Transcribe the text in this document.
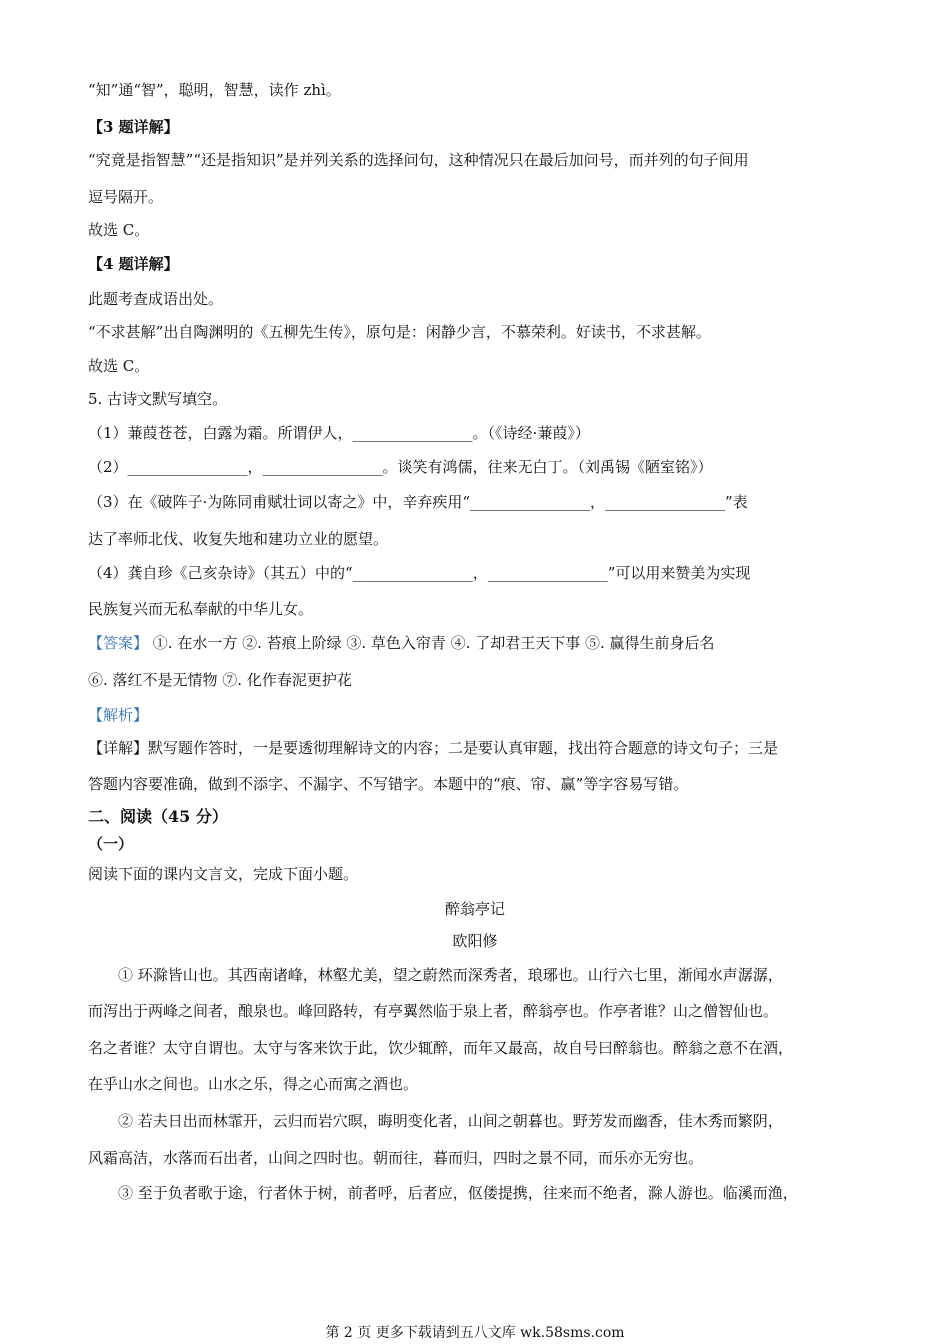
“知”通“智”，聪明，智慧，读作 zhì。
【3 题详解】
“究竟是指智慧”“还是指知识”是并列关系的选择问句，这种情况只在最后加问号，而并列的句子间用
逗号隔开。
故选 C。
【4 题详解】
此题考查成语出处。
“不求甚解”出自陶渊明的《五柳先生传》，原句是：闲静少言，不慕荣利。好读书，不求甚解。
故选 C。
5. 古诗文默写填空。
（1）蒹葭苍苍，白露为霜。所谓伊人，________________。（《诗经·蒹葭》）
（2）________________，________________。谈笑有鸿儒，往来无白丁。（刘禹锡《陋室铭》）
（3）在《破阵子·为陈同甫赋壮词以寄之》中，辛弃疾用“________________，________________”表
达了率师北伐、收复失地和建功立业的愿望。
（4）龚自珍《己亥杂诗》（其五）中的“________________，________________”可以用来赞美为实现
民族复兴而无私奉献的中华儿女。
【答案】 ①. 在水一方 ②. 苔痕上阶绿 ③. 草色入帘青 ④. 了却君王天下事 ⑤. 赢得生前身后名
⑥. 落红不是无情物 ⑦. 化作春泥更护花
【解析】
【详解】默写题作答时，一是要透彻理解诗文的内容；二是要认真审题，找出符合题意的诗文句子；三是
答题内容要准确，做到不添字、不漏字、不写错字。本题中的“痕、帘、赢”等字容易写错。
二、阅读（45 分）
（一）
阅读下面的课内文言文，完成下面小题。
醉翁亭记
欧阳修
① 环滁皆山也。其西南诸峰，林壑尤美，望之蔚然而深秀者，琅琊也。山行六七里，渐闻水声潺潺，
而泻出于两峰之间者，酿泉也。峰回路转，有亭翼然临于泉上者，醉翁亭也。作亭者谁？山之僧智仙也。
名之者谁？太守自谓也。太守与客来饮于此，饮少辄醉，而年又最高，故自号曰醉翁也。醉翁之意不在酒，
在乎山水之间也。山水之乐，得之心而寓之酒也。
② 若夫日出而林霏开，云归而岩穴暝，晦明变化者，山间之朝暮也。野芳发而幽香，佳木秀而繁阴，
风霜高洁，水落而石出者，山间之四时也。朝而往，暮而归，四时之景不同，而乐亦无穷也。
③ 至于负者歌于途，行者休于树，前者呼，后者应，伛偻提携，往来而不绝者，滁人游也。临溪而渔，
第 2 页 更多下载请到五八文库 wk.58sms.com
